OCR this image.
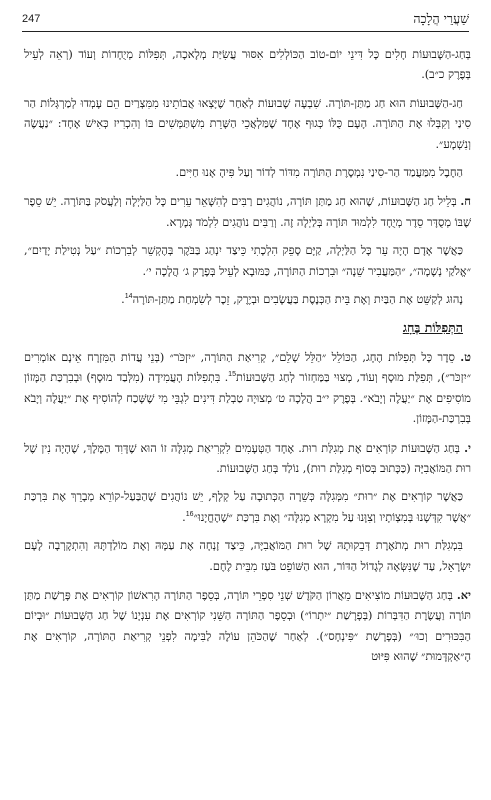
247	שַׁעֲרֵי הֲלָכָה

בְּחַג-הַשָּׁבוּעוֹת חָלִים כָּל דִּינֵי יוֹם-טוֹב הַכּוֹלְלִים אִסּוּר עֲשִׂיַּת מְלָאכָה, תְּפִלּוֹת מְיֻחָדוֹת וְעוֹד (רְאֵה לְעֵיל בְּפֶרֶק כ״ב).

חַג-הַשָּׁבוּעוֹת הוּא חַג מַתַּן-תּוֹרָה. שִׁבְעָה שָׁבוּעוֹת לְאַחַר שֶׁיָּצְאוּ אֲבוֹתֵינוּ מִמִּצְרַיִם הֵם עָמְדוּ לְמַרְגְּלוֹת הַר סִינַי וְקִבְּלוּ אֶת הַתּוֹרָה. הָעָם כֻּלּוֹ כְּגוּף אֶחָד שֶׁמַּלְאֲכֵי הַשָּׁרֵת מִשְׁתַּמְּשִׁים בּוֹ וְהִכְרִיז כְּאִישׁ אֶחָד: ״נַעֲשֶׂה וְנִשְׁמָע״.

הַחֶבֶל מִמַּעֲמַד הַר-סִינַי נִמְסֶרֶת הַתּוֹרָה מִדּוֹר לְדוֹר וְעַל פִּיהָ אָנוּ חַיִּים.

ח. בְּלֵיל חַג הַשָּׁבוּעוֹת, שֶׁהוּא חַג מַתַּן תּוֹרָה, נוֹהֲגִים רַבִּים לְהִשָּׁאֵר עֵרִים כָּל הַלַּיְלָה וְלַעֲסֹק בַּתּוֹרָה. יֵשׁ סֵפֶר שֶׁבּוֹ מְסֻדָּר סֵדֶר מְיֻחָד לִלְמוּד תּוֹרָה בְּלַיְלָה זֶה. וְרַבִּים נוֹהֲגִים לִלְמֹד גְּמָרָא.

כַּאֲשֶׁר אָדָם הָיָה עֵר כָּל הַלַּיְלָה, קַיָּם סָפֵק הִלְכָתִי כֵּיצַד יִנְהַג בַּבֹּקֶר בְּהֶקְשֵׁר לְבִרְכוֹת ״עַל נְטִילַת יָדַיִם״, ״אֱלֹקַי נְשָׁמָה״, ״הַמַּעֲבִיר שֵׁנָה״ וּבִרְכוֹת הַתּוֹרָה, כַּמּוּבָא לְעֵיל בְּפֶרֶק ג׳ הֲלָכָה י׳.

נָהוּג לְקַשֵּׁט אֶת הַבַּיִת וְאֶת בֵּית הַכְּנֶסֶת בַּעֲשָׂבִים וּבְיֶרֶק, זֵכֶר לְשִׂמְחַת מַתַּן-תּוֹרָה$^{14}$.

הַתְּפִלּוֹת בֶּחָג

ט. סֵדֶר כָּל תְּפִלּוֹת הֶחָג, הַכּוֹלֵל ״הַלֵּל שָׁלֵם״, קְרִיאַת הַתּוֹרָה, ״יִזְכֹּר״ (בְּנֵי עֲדוֹת הַמִּזְרָח אֵינָם אוֹמְרִים ״יִזְכֹּר״), תְּפִלַּת מוּסָף וְעוֹד, מְצוּי בַּמַּחְזוֹר לְחַג הַשָּׁבוּעוֹת$^{15}$. בִּתְפִלּוֹת הָעֲמִידָה (מִלְּבַד מוּסָף) וּבְבִרְכַּת הַמָּזוֹן מוֹסִיפִים אֶת ״יַעֲלֶה וְיָבֹא״. בְּפֶרֶק י״ב הֲלָכָה ט׳ מְצוּיָה טַבְלַת דִּינִים לִגְבֵּי מִי שֶׁשָּׁכַח לְהוֹסִיף אֶת ״יַעֲלֶה וְיָבֹא בְּבִרְכַּת-הַמָּזוֹן.

י. בְּחַג הַשָּׁבוּעוֹת קוֹרְאִים אֶת מְגִלַּת רוּת. אֶחָד הַטְּעָמִים לִקְרִיאַת מְגִלָּה זוֹ הוּא שֶׁדָּוִד הַמֶּלֶךְ, שֶׁהָיָה נִין שֶׁל רוּת הַמּוֹאֲבִיָּה (כַּכָּתוּב בְּסוֹף מְגִלַּת רוּת), נוֹלַד בְּחַג הַשָּׁבוּעוֹת.

כַּאֲשֶׁר קוֹרְאִים אֶת ״רוּת״ מִמְּגִלָּה כְּשֵׁרָה הַכְּתוּבָה עַל קְלָף, יֵשׁ נוֹהֲגִים שֶׁהַבַּעַל-קוֹרֵא מְבָרֵךְ אֶת בִּרְכַּת ״אֲשֶׁר קִדְּשָׁנוּ בְּמִצְוֹתָיו וְצִוָּנוּ עַל מִקְרָא מְגִלָּה״ וְאֶת בִּרְכַּת ״שֶׁהֶחֱיָנוּ״$^{16}$.

בִּמְגִלַּת רוּת מְתֹאֶרֶת דְּבֵקוּתָהּ שֶׁל רוּת הַמּוֹאֲבִיָּה, כֵּיצַד זָנְחָה אֶת עַמָּהּ וְאֶת מוֹלַדְתָּהּ וְהִתְקָרְבָה לָעָם יִשְׂרָאֵל, עַד שֶׁנִּשְּׂאָה לְגָדוֹל הַדּוֹר, הוּא הַשּׁוֹפֵט בֹּעַז מִבֵּית לֶחֶם.

יא. בְּחַג הַשָּׁבוּעוֹת מוֹצִיאִים מֵאֲרוֹן הַקֹּדֶשׁ שְׁנֵי סִפְרֵי תּוֹרָה, בְּסֵפֶר הַתּוֹרָה הָרִאשׁוֹן קוֹרְאִים אֶת פָּרָשַׁת מַתַּן תּוֹרָה וַעֲשֶׂרֶת הַדִּבְּרוֹת (בְּפָרָשַׁת ״יִתְרוֹ״) וּבְסֵפֶר הַתּוֹרָה הַשֵּׁנִי קוֹרְאִים אֶת עִנְיָנוֹ שֶׁל חַג הַשָּׁבוּעוֹת ״וּבְיוֹם הַבִּכּוּרִים וְכוּ׳״ (בְּפָרָשַׁת ״פִּינְחָס״). לְאַחַר שֶׁהַכֹּהֵן עוֹלֶה לַבִּימָה לִפְנֵי קְרִיאַת הַתּוֹרָה, קוֹרְאִים אֶת הָ״אַקְדָּמוּת״ שֶׁהוּא פִּיּוּט
